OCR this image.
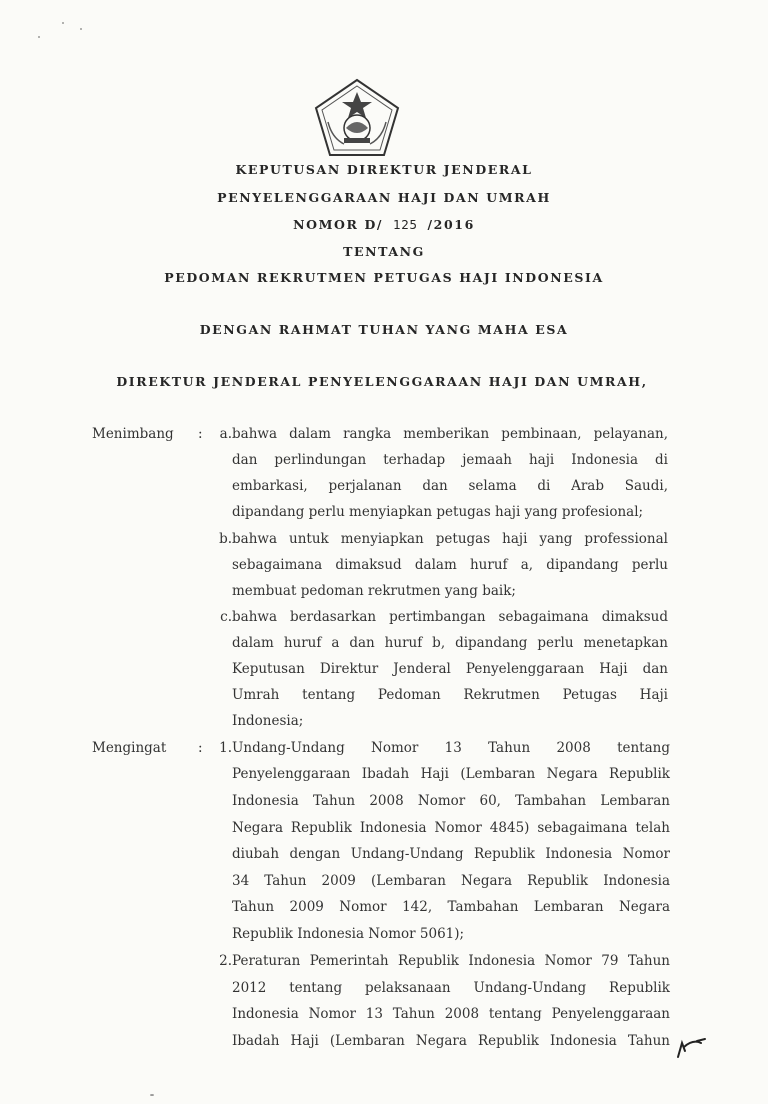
KEPUTUSAN DIREKTUR JENDERAL
PENYELENGGARAAN HAJI DAN UMRAH
NOMOR D/ 125 /2016
TENTANG
PEDOMAN REKRUTMEN PETUGAS HAJI INDONESIA
DENGAN RAHMAT TUHAN YANG MAHA ESA
DIREKTUR JENDERAL PENYELENGGARAAN HAJI DAN UMRAH,
Menimbang :	a. bahwa dalam rangka memberikan pembinaan, pelayanan,
dan perlindungan terhadap jemaah haji Indonesia di
embarkasi, perjalanan dan selama di Arab Saudi,
dipandang perlu menyiapkan petugas haji yang profesional;
b. bahwa untuk menyiapkan petugas haji yang professional
sebagaimana dimaksud dalam huruf a, dipandang perlu
membuat pedoman rekrutmen yang baik;
c. bahwa berdasarkan pertimbangan sebagaimana dimaksud
dalam huruf a dan huruf b, dipandang perlu menetapkan
Keputusan Direktur Jenderal Penyelenggaraan Haji dan
Umrah tentang Pedoman Rekrutmen Petugas Haji
Indonesia;
Mengingat :	1. Undang-Undang Nomor 13 Tahun 2008 tentang
Penyelenggaraan Ibadah Haji (Lembaran Negara Republik
Indonesia Tahun 2008 Nomor 60, Tambahan Lembaran
Negara Republik Indonesia Nomor 4845) sebagaimana telah
diubah dengan Undang-Undang Republik Indonesia Nomor
34 Tahun 2009 (Lembaran Negara Republik Indonesia
Tahun 2009 Nomor 142, Tambahan Lembaran Negara
Republik Indonesia Nomor 5061);
2. Peraturan Pemerintah Republik Indonesia Nomor 79 Tahun
2012 tentang pelaksanaan Undang-Undang Republik
Indonesia Nomor 13 Tahun 2008 tentang Penyelenggaraan
Ibadah Haji (Lembaran Negara Republik Indonesia Tahun
